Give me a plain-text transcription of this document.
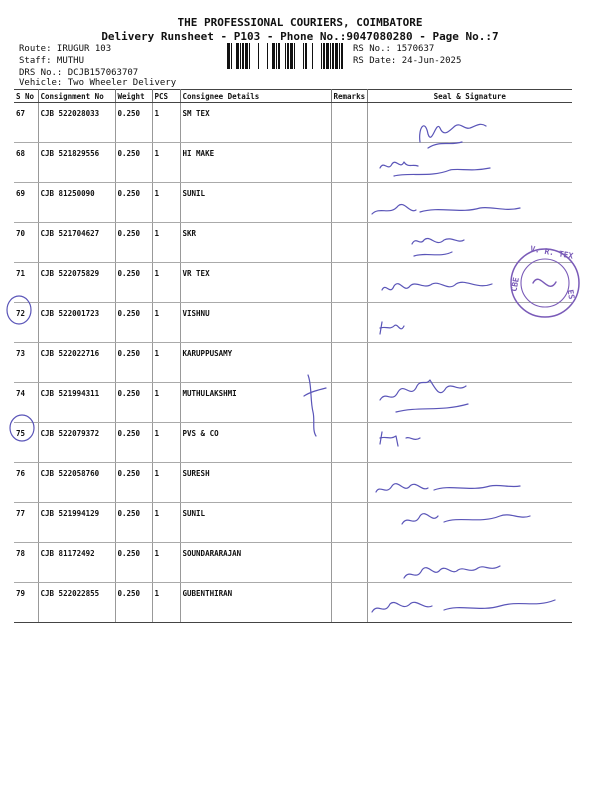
THE PROFESSIONAL COURIERS, COIMBATORE
Delivery Runsheet - P103 - Phone No.:9047080280 - Page No.:7
Route: IRUGUR 103
Staff: MUTHU
DRS No.: DCJB157063707
Vehicle: Two Wheeler Delivery
RS No.: 1570637
RS Date: 24-Jun-2025
S No	Consignment No	Weight	PCS	Consignee Details	Remarks	Seal & Signature
67	CJB 522028033	0.250	1	SM TEX		
68	CJB 521829556	0.250	1	HI MAKE		
69	CJB 81250090	0.250	1	SUNIL		
70	CJB 521704627	0.250	1	SKR		
71	CJB 522075829	0.250	1	VR TEX		
72	CJB 522001723	0.250	1	VISHNU		
73	CJB 522022716	0.250	1	KARUPPUSAMY		
74	CJB 521994311	0.250	1	MUTHULAKSHMI		
75	CJB 522079372	0.250	1	PVS & CO		
76	CJB 522058760	0.250	1	SURESH		
77	CJB 521994129	0.250	1	SUNIL		
78	CJB 81172492	0.250	1	SOUNDARARAJAN		
79	CJB 522022855	0.250	1	GUBENTHIRAN		
V. R. TEX
CBE
ES
